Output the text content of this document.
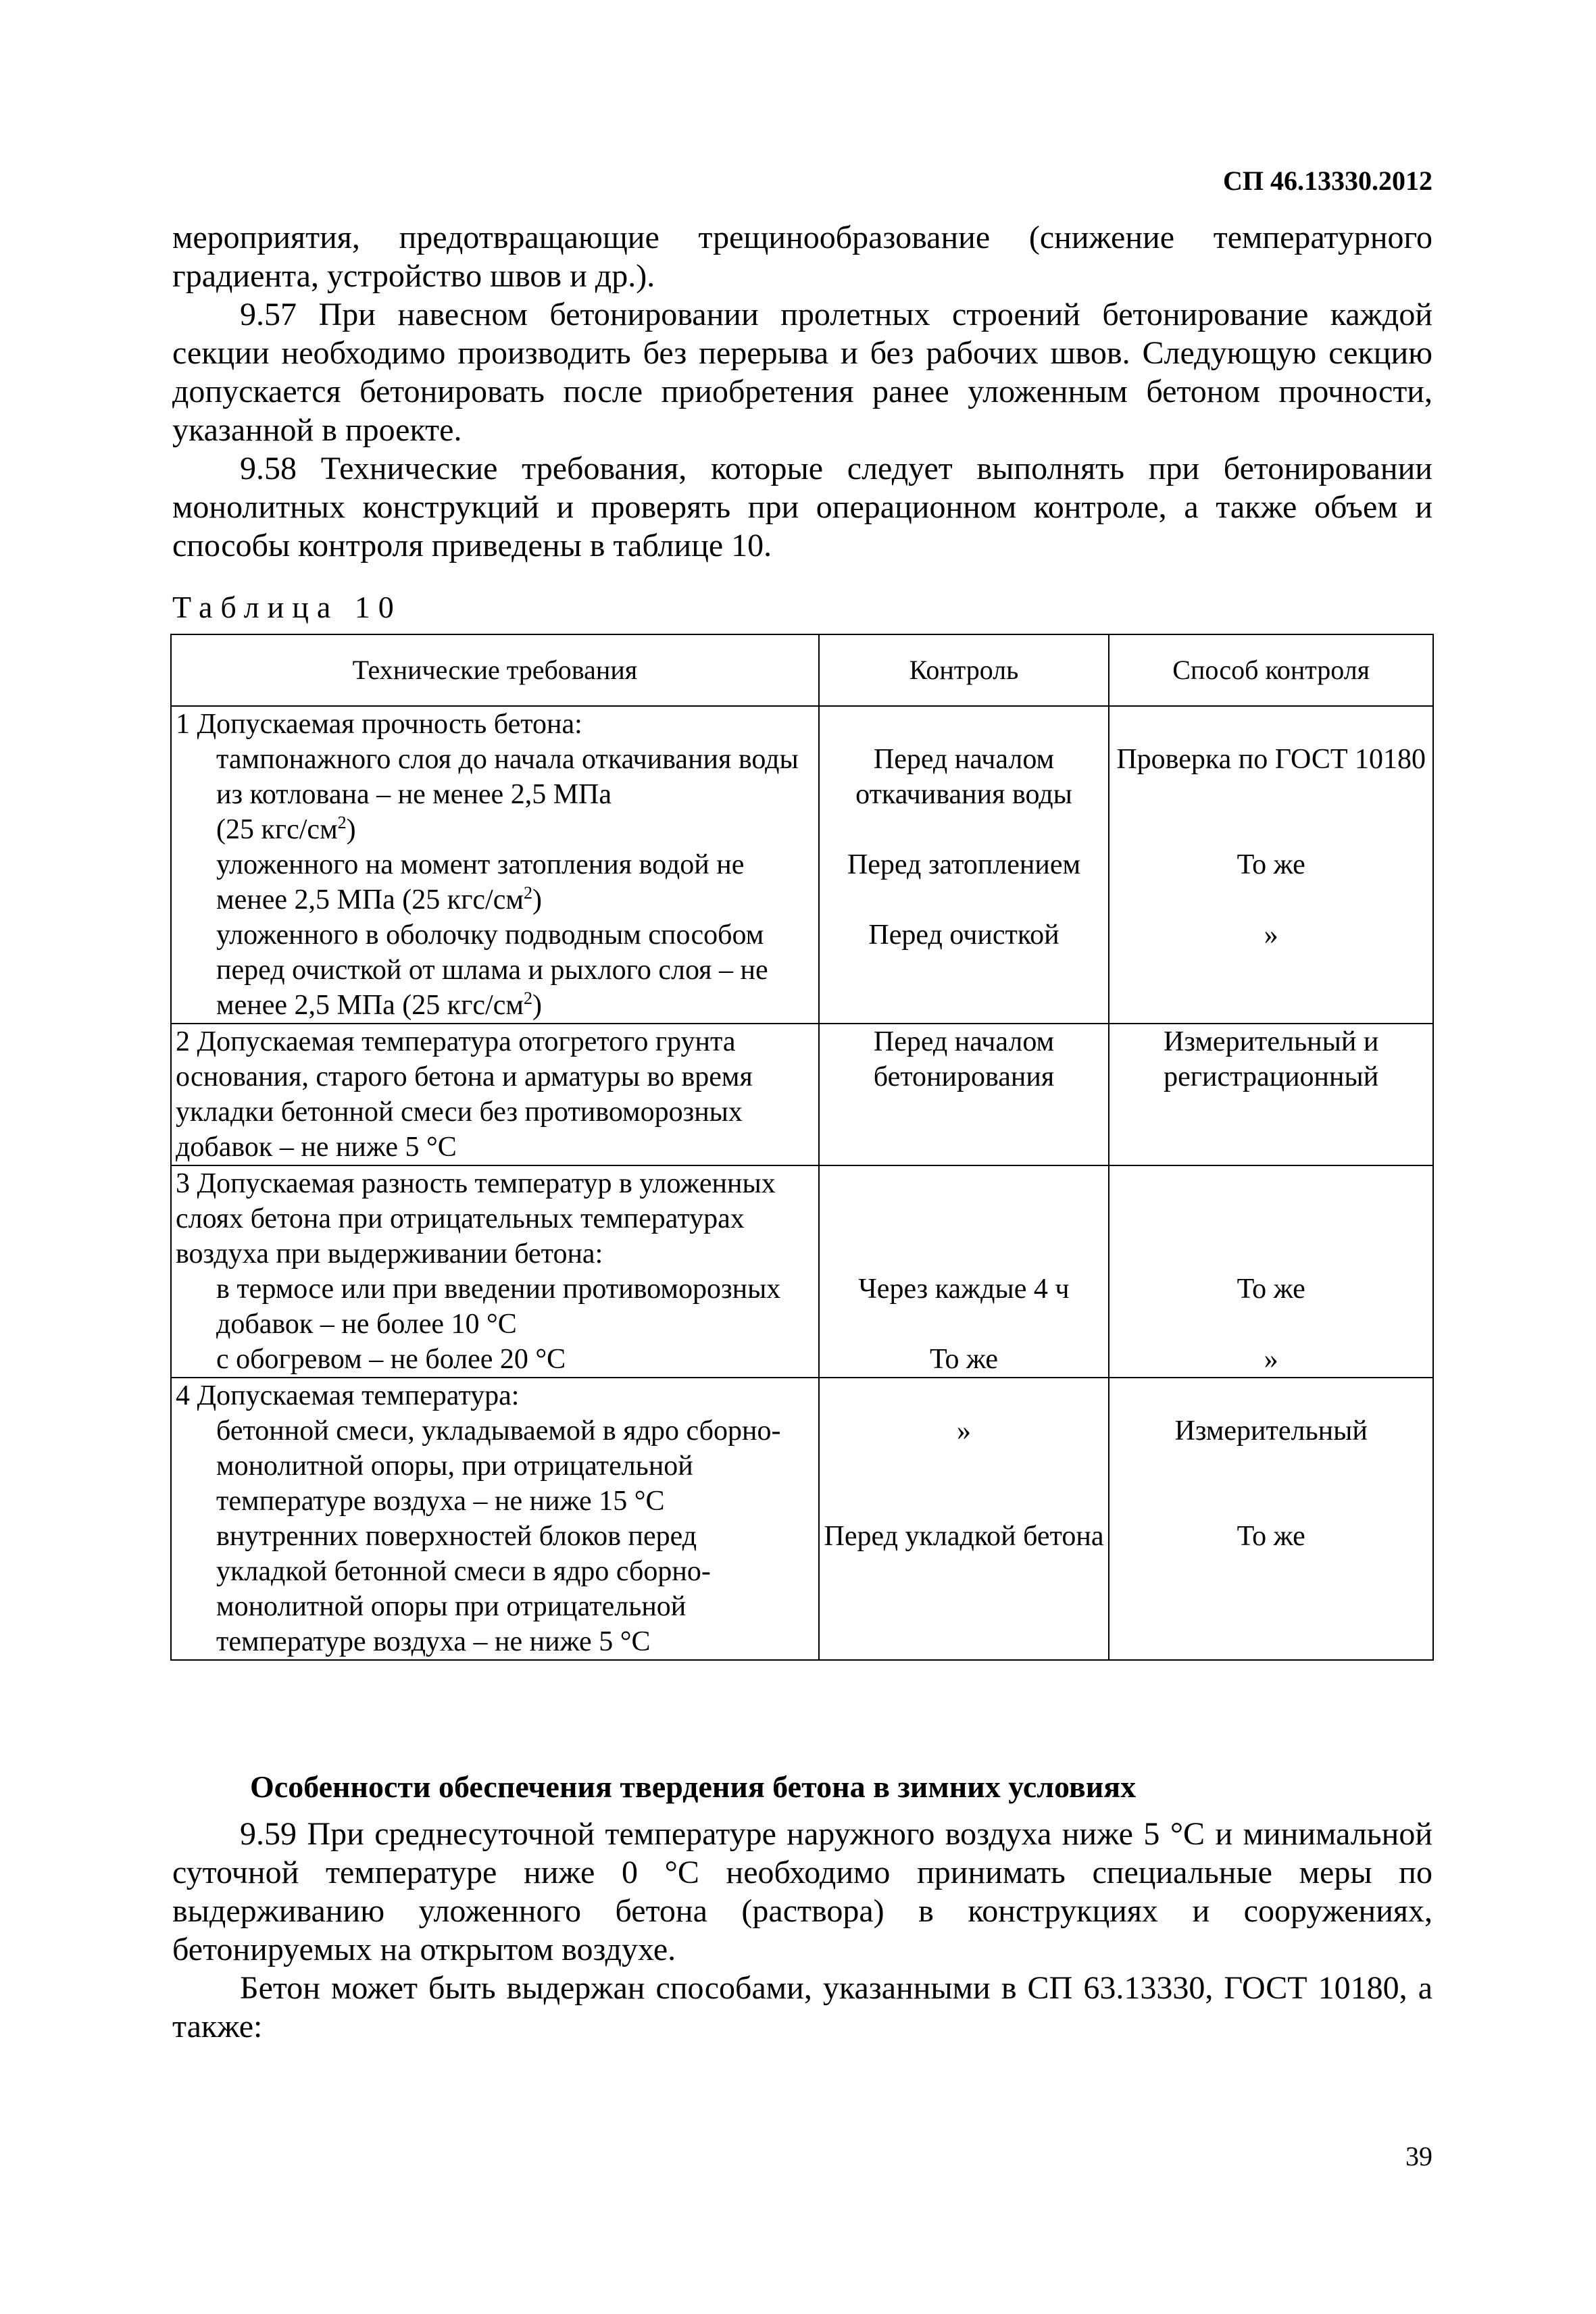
СП 46.13330.2012

мероприятия, предотвращающие трещинообразование (снижение температурного градиента, устройство швов и др.).

9.57 При навесном бетонировании пролетных строений бетонирование каждой секции необходимо производить без перерыва и без рабочих швов. Следующую секцию допускается бетонировать после приобретения ранее уложенным бетоном прочности, указанной в проекте.

9.58 Технические требования, которые следует выполнять при бетонировании монолитных конструкций и проверять при операционном контроле, а также объем и способы контроля приведены в таблице 10.

Таблица 10
Технические требования	Контроль	Способ контроля
1 Допускаемая прочность бетона:		
тампонажного слоя до начала откачивания воды из котлована – не менее 2,5 МПа
(25 кгс/$см^2$)	Перед началом откачивания воды	Проверка по ГОСТ 10180
уложенного на момент затопления водой не менее 2,5 МПа (25 кгс/$см^2$)	Перед затоплением	То же
уложенного в оболочку подводным способом перед очисткой от шлама и рыхлого слоя – не менее 2,5 МПа (25 кгс/$см^2$)	Перед очисткой	»
2 Допускаемая температура отогретого грунта основания, старого бетона и арматуры во время укладки бетонной смеси без противоморозных добавок – не ниже 5 °С	Перед началом бетонирования	Измерительный и регистрационный
3 Допускаемая разность температур в уложенных слоях бетона при отрицательных температурах воздуха при выдерживании бетона:		
в термосе или при введении противоморозных добавок – не более 10 °С	Через каждые 4 ч	То же
с обогревом – не более 20 °С	То же	»
4 Допускаемая температура:		
бетонной смеси, укладываемой в ядро сборно-монолитной опоры, при отрицательной температуре воздуха – не ниже 15 °С	»	Измерительный
внутренних поверхностей блоков перед укладкой бетонной смеси в ядро сборно-монолитной опоры при отрицательной температуре воздуха – не ниже 5 °С	Перед укладкой бетона	То же
Особенности обеспечения твердения бетона в зимних условиях

9.59 При среднесуточной температуре наружного воздуха ниже 5 °С и минимальной суточной температуре ниже 0 °С необходимо принимать специальные меры по выдерживанию уложенного бетона (раствора) в конструкциях и сооружениях, бетонируемых на открытом воздухе.

Бетон может быть выдержан способами, указанными в СП 63.13330, ГОСТ 10180, а также:

39
